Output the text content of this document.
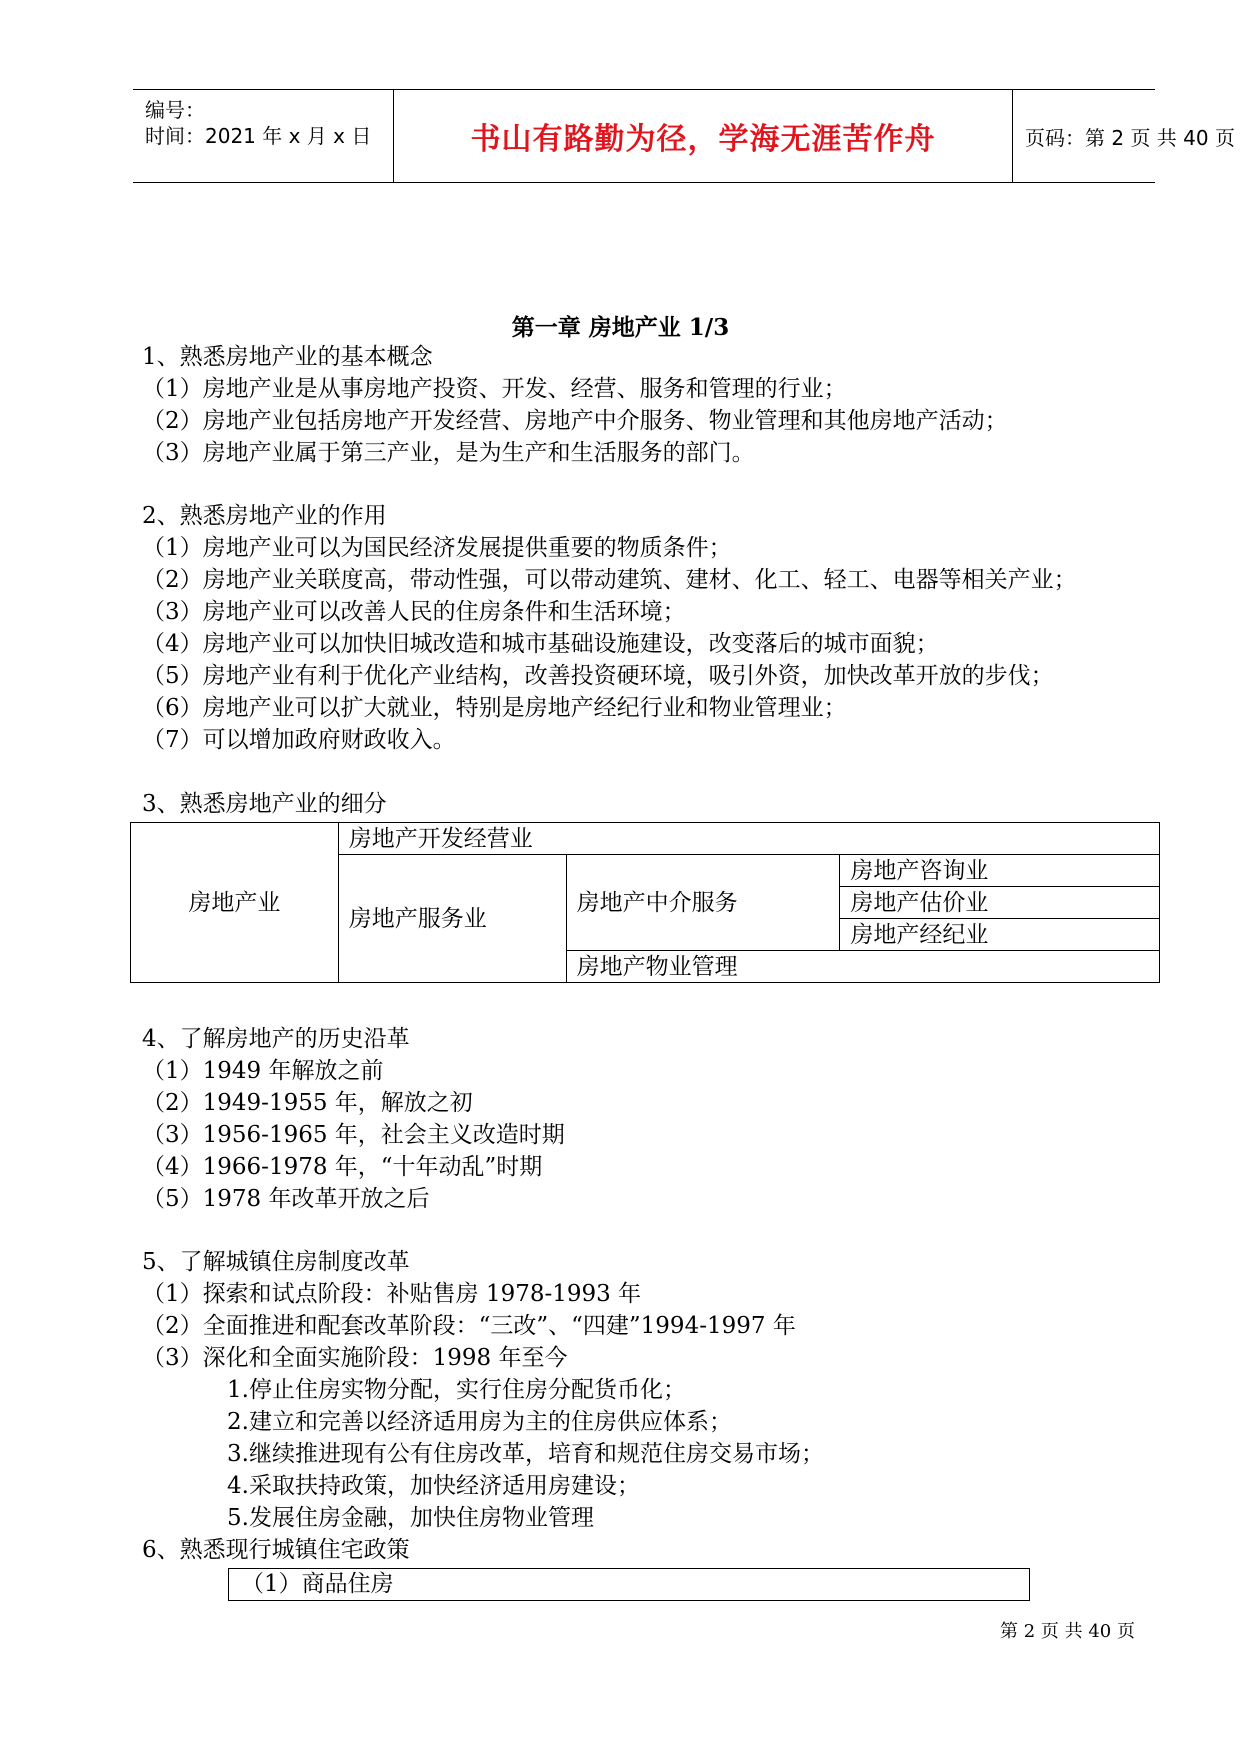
编号：
时间：2021 年 x 月 x 日	书山有路勤为径，学海无涯苦作舟	页码：第 2 页 共 40 页
第一章 房地产业 1/3
1、熟悉房地产业的基本概念
（1）房地产业是从事房地产投资、开发、经营、服务和管理的行业；
（2）房地产业包括房地产开发经营、房地产中介服务、物业管理和其他房地产活动；
（3）房地产业属于第三产业，是为生产和生活服务的部门。
2、熟悉房地产业的作用
（1）房地产业可以为国民经济发展提供重要的物质条件；
（2）房地产业关联度高，带动性强，可以带动建筑、建材、化工、轻工、电器等相关产业；
（3）房地产业可以改善人民的住房条件和生活环境；
（4）房地产业可以加快旧城改造和城市基础设施建设，改变落后的城市面貌；
（5）房地产业有利于优化产业结构，改善投资硬环境，吸引外资，加快改革开放的步伐；
（6）房地产业可以扩大就业，特别是房地产经纪行业和物业管理业；
（7）可以增加政府财政收入。
3、熟悉房地产业的细分
房地产业	房地产开发经营业		
	房地产服务业	房地产中介服务	房地产咨询业
			房地产估价业
			房地产经纪业
		房地产物业管理	
4、了解房地产的历史沿革
（1）1949 年解放之前
（2）1949-1955 年，解放之初
（3）1956-1965 年，社会主义改造时期
（4）1966-1978 年，“十年动乱”时期
（5）1978 年改革开放之后
5、了解城镇住房制度改革
（1）探索和试点阶段：补贴售房 1978-1993 年
（2）全面推进和配套改革阶段：“三改”、“四建”1994-1997 年
（3）深化和全面实施阶段：1998 年至今
1.停止住房实物分配，实行住房分配货币化；
2.建立和完善以经济适用房为主的住房供应体系；
3.继续推进现有公有住房改革，培育和规范住房交易市场；
4.采取扶持政策，加快经济适用房建设；
5.发展住房金融，加快住房物业管理
6、熟悉现行城镇住宅政策
（1）商品住房
第 2 页 共 40 页
